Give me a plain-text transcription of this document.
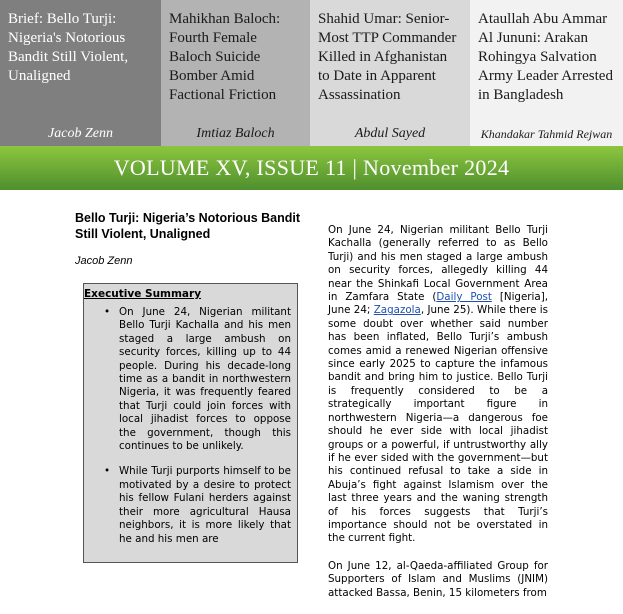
Brief: Bello Turji: Nigeria's Notorious Bandit Still Violent, Unaligned
Jacob Zenn
Mahikhan Baloch: Fourth Female Baloch Suicide Bomber Amid Factional Friction
Imtiaz Baloch
Shahid Umar: Senior-Most TTP Commander Killed in Afghanistan to Date in Apparent Assassination
Abdul Sayed
Ataullah Abu Ammar Al Jununi: Arakan Rohingya Salvation Army Leader Arrested in Bangladesh
Khandakar Tahmid Rejwan
VOLUME XV, ISSUE 11 | November 2024
Bello Turji: Nigeria’s Notorious Bandit Still Violent, Unaligned
Jacob Zenn
Executive Summary
• On June 24, Nigerian militant Bello Turji Kachalla and his men staged a large ambush on security forces, killing up to 44 people. During his decade-long time as a bandit in northwestern Nigeria, it was frequently feared that Turji could join forces with local jihadist forces to oppose the government, though this continues to be unlikely.
• While Turji purports himself to be motivated by a desire to protect his fellow Fulani herders against their more agricultural Hausa neighbors, it is more likely that he and his men are

On June 24, Nigerian militant Bello Turji Kachalla (generally referred to as Bello Turji) and his men staged a large ambush on security forces, allegedly killing 44 near the Shinkafi Local Government Area in Zamfara State (Daily Post [Nigeria], June 24; Zagazola, June 25). While there is some doubt over whether said number has been inflated, Bello Turji’s ambush comes amid a renewed Nigerian offensive since early 2025 to capture the infamous bandit and bring him to justice. Bello Turji is frequently considered to be a strategically important figure in northwestern Nigeria—a dangerous foe should he ever side with local jihadist groups or a powerful, if untrustworthy ally if he ever sided with the government—but his continued refusal to take a side in Abuja’s fight against Islamism over the last three years and the waning strength of his forces suggests that Turji’s importance should not be overstated in the current fight.

On June 12, al-Qaeda-affiliated Group for Supporters of Islam and Muslims (JNIM) attacked Bassa, Benin, 15 kilometers from
